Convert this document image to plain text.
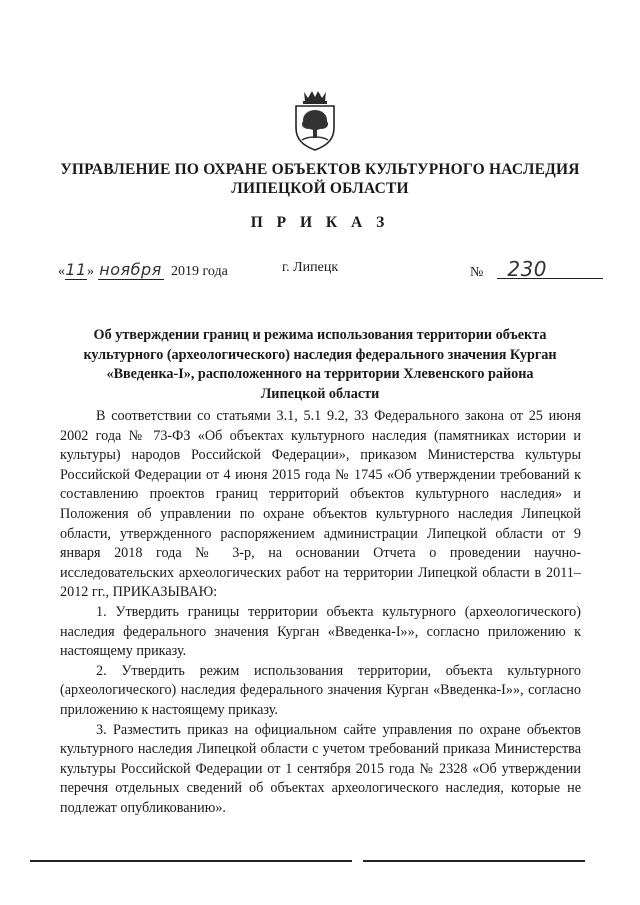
УПРАВЛЕНИЕ ПО ОХРАНЕ ОБЪЕКТОВ КУЛЬТУРНОГО НАСЛЕДИЯ
ЛИПЕЦКОЙ ОБЛАСТИ
П Р И К А З
«11» ноября 2019 года	г. Липецк	№ 230
Об утверждении границ и режима использования территории объекта
культурного (археологического) наследия федерального значения Курган
«Введенка-I», расположенного на территории Хлевенского района
Липецкой области

В соответствии со статьями 3.1, 5.1 9.2, 33 Федерального закона от 25 июня 2002 года № 73-ФЗ «Об объектах культурного наследия (памятниках истории и культуры) народов Российской Федерации», приказом Министерства культуры Российской Федерации от 4 июня 2015 года № 1745 «Об утверждении требований к составлению проектов границ территорий объектов культурного наследия» и Положения об управлении по охране объектов культурного наследия Липецкой области, утвержденного распоряжением администрации Липецкой области от 9 января 2018 года № 3-р, на основании Отчета о проведении научно-исследовательских археологических работ на территории Липецкой области в 2011–2012 гг., ПРИКАЗЫВАЮ:

1. Утвердить границы территории объекта культурного (археологического) наследия федерального значения Курган «Введенка-I»», согласно приложению к настоящему приказу.

2. Утвердить режим использования территории, объекта культурного (археологического) наследия федерального значения Курган «Введенка-I»», согласно приложению к настоящему приказу.

3. Разместить приказ на официальном сайте управления по охране объектов культурного наследия Липецкой области с учетом требований приказа Министерства культуры Российской Федерации от 1 сентября 2015 года № 2328 «Об утверждении перечня отдельных сведений об объектах археологического наследия, которые не подлежат опубликованию».
